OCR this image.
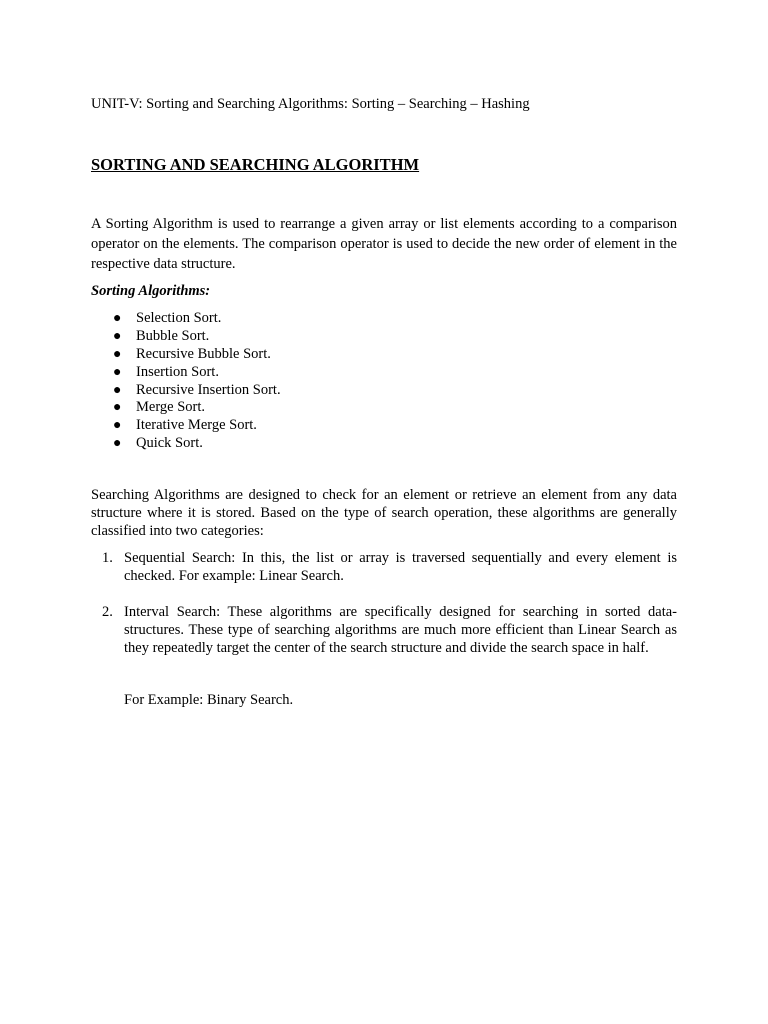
UNIT-V: Sorting and Searching Algorithms: Sorting – Searching – Hashing
SORTING AND SEARCHING ALGORITHM

A Sorting Algorithm is used to rearrange a given array or list elements according to a comparison operator on the elements. The comparison operator is used to decide the new order of element in the respective data structure.

Sorting Algorithms:

● Selection Sort.
● Bubble Sort.
● Recursive Bubble Sort.
● Insertion Sort.
● Recursive Insertion Sort.
● Merge Sort.
● Iterative Merge Sort.
● Quick Sort.

Searching Algorithms are designed to check for an element or retrieve an element from any data structure where it is stored. Based on the type of search operation, these algorithms are generally classified into two categories:

1. Sequential Search: In this, the list or array is traversed sequentially and every element is checked. For example: Linear Search.
2. Interval Search: These algorithms are specifically designed for searching in sorted data-structures. These type of searching algorithms are much more efficient than Linear Search as they repeatedly target the center of the search structure and divide the search space in half.

For Example: Binary Search.
